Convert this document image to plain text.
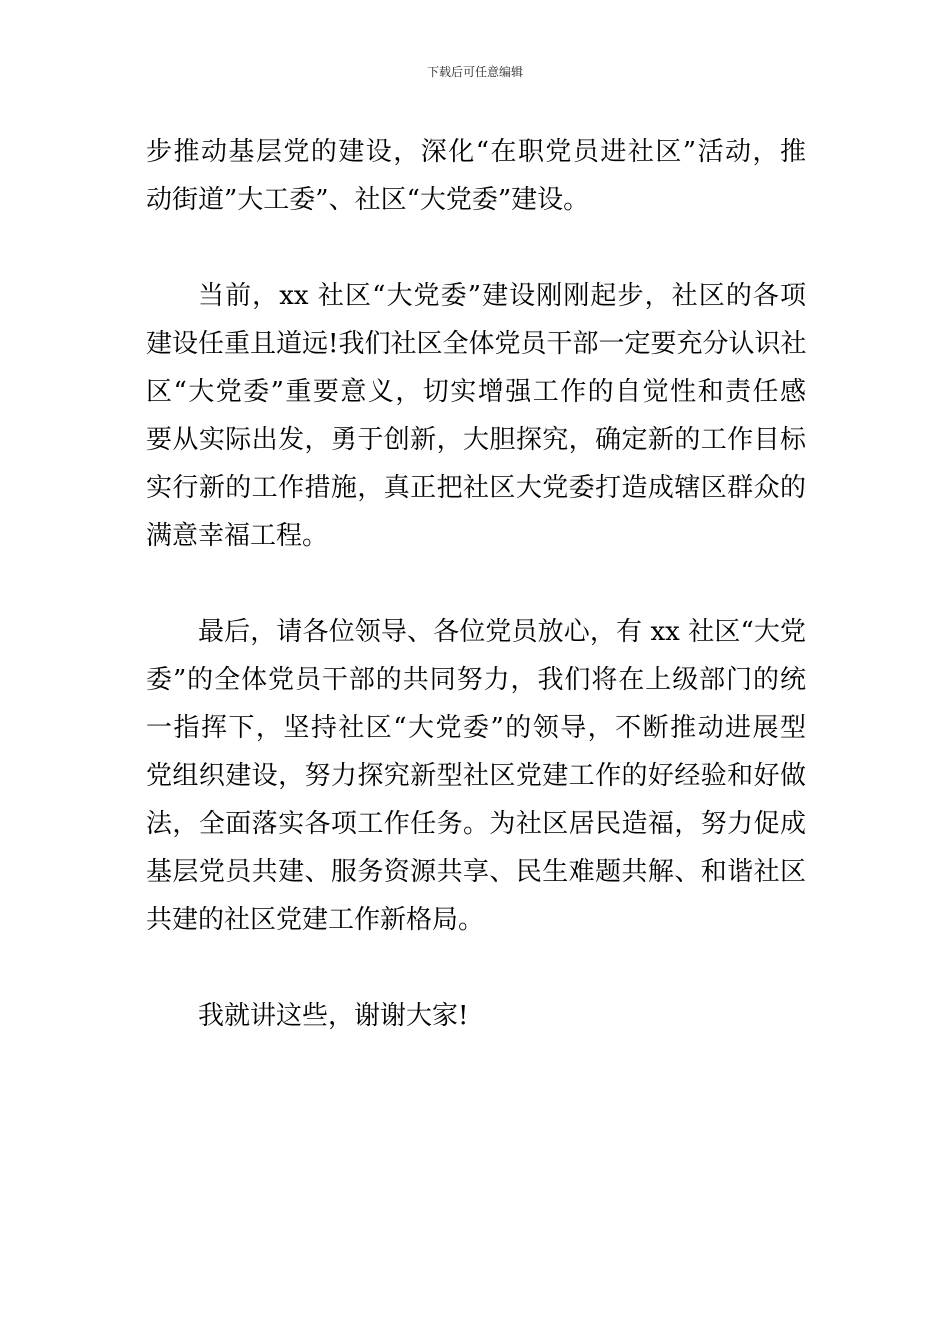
下载后可任意编辑
步推动基层党的建设，深化“在职党员进社区”活动，推
动街道”大工委”、社区“大党委”建设。
当前，xx 社区“大党委”建设刚刚起步，社区的各项
建设任重且道远!我们社区全体党员干部一定要充分认识社
区“大党委”重要意义，切实增强工作的自觉性和责任感
要从实际出发，勇于创新，大胆探究，确定新的工作目标
实行新的工作措施，真正把社区大党委打造成辖区群众的
满意幸福工程。
最后，请各位领导、各位党员放心，有 xx 社区“大党
委”的全体党员干部的共同努力，我们将在上级部门的统
一指挥下，坚持社区“大党委”的领导，不断推动进展型
党组织建设，努力探究新型社区党建工作的好经验和好做
法，全面落实各项工作任务。为社区居民造福，努力促成
基层党员共建、服务资源共享、民生难题共解、和谐社区
共建的社区党建工作新格局。
我就讲这些，谢谢大家!
